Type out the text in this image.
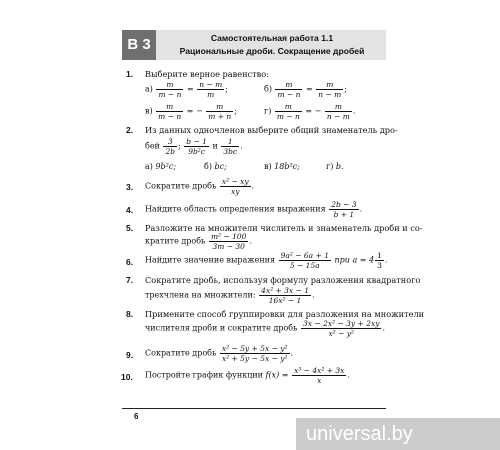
В 3	Самостоятельная работа 1.1
Рациональные дроби. Сокращение дробей
1. Выберите верное равенство:
$а) \frac{m}{m - n} = \frac{n - m}{m}$ ;	$б) \frac{m}{m - n} = \frac{m}{n - m}$ ;
$в) \frac{m}{m - n}$ = − $\frac{m}{m + n}$ ;	$г) \frac{m}{m - n}$ = − $\frac{m}{n - m}$ .
2. Из данных одночленов выберите общий знаменатель дро-
бей $\frac{3}{2b}$ ; $\frac{b - 1}{\text{9b²c}}$ и $\frac{1}{3bc}$ .
а) 9b²c;	б) bc;	в) 18b²c;	г) b.
3. Сократите дробь $\frac{\text{x² − xy}}{xy}$ .
4. Найдите область определения выражения $\frac{2b - 3}{b + 1}$ .
5. Разложите на множители числитель и знаменатель дроби и со-
кратите дробь $\frac{\text{m² − 100}}{3m - 30}$ .
6. Найдите значение выражения $\frac{\text{9a² − 6a + 1}}{5 - 15a}$ при $a = 4 \frac{1}{3}$ .
7. Сократите дробь, используя формулу разложения квадратного
трехчлена на множители: $\frac{\text{4x² + 3x − 1}}{\text{16x² − 1}}$ .
8. Примените способ группировки для разложения на множители
числителя дроби и сократите дробь $\frac{\text{3x − 2x² − 3y + 2xy}}{\text{x² − y²}}$ .
9. Сократите дробь $\frac{\text{x² − 5y + 5x − y²}}{\text{x² + 5y − 5x − y²}}$ .
10. Постройте график функции $f(x) = \frac{\text{x³ − 4x² + 3x}}{x}$ .
6
universal.by
